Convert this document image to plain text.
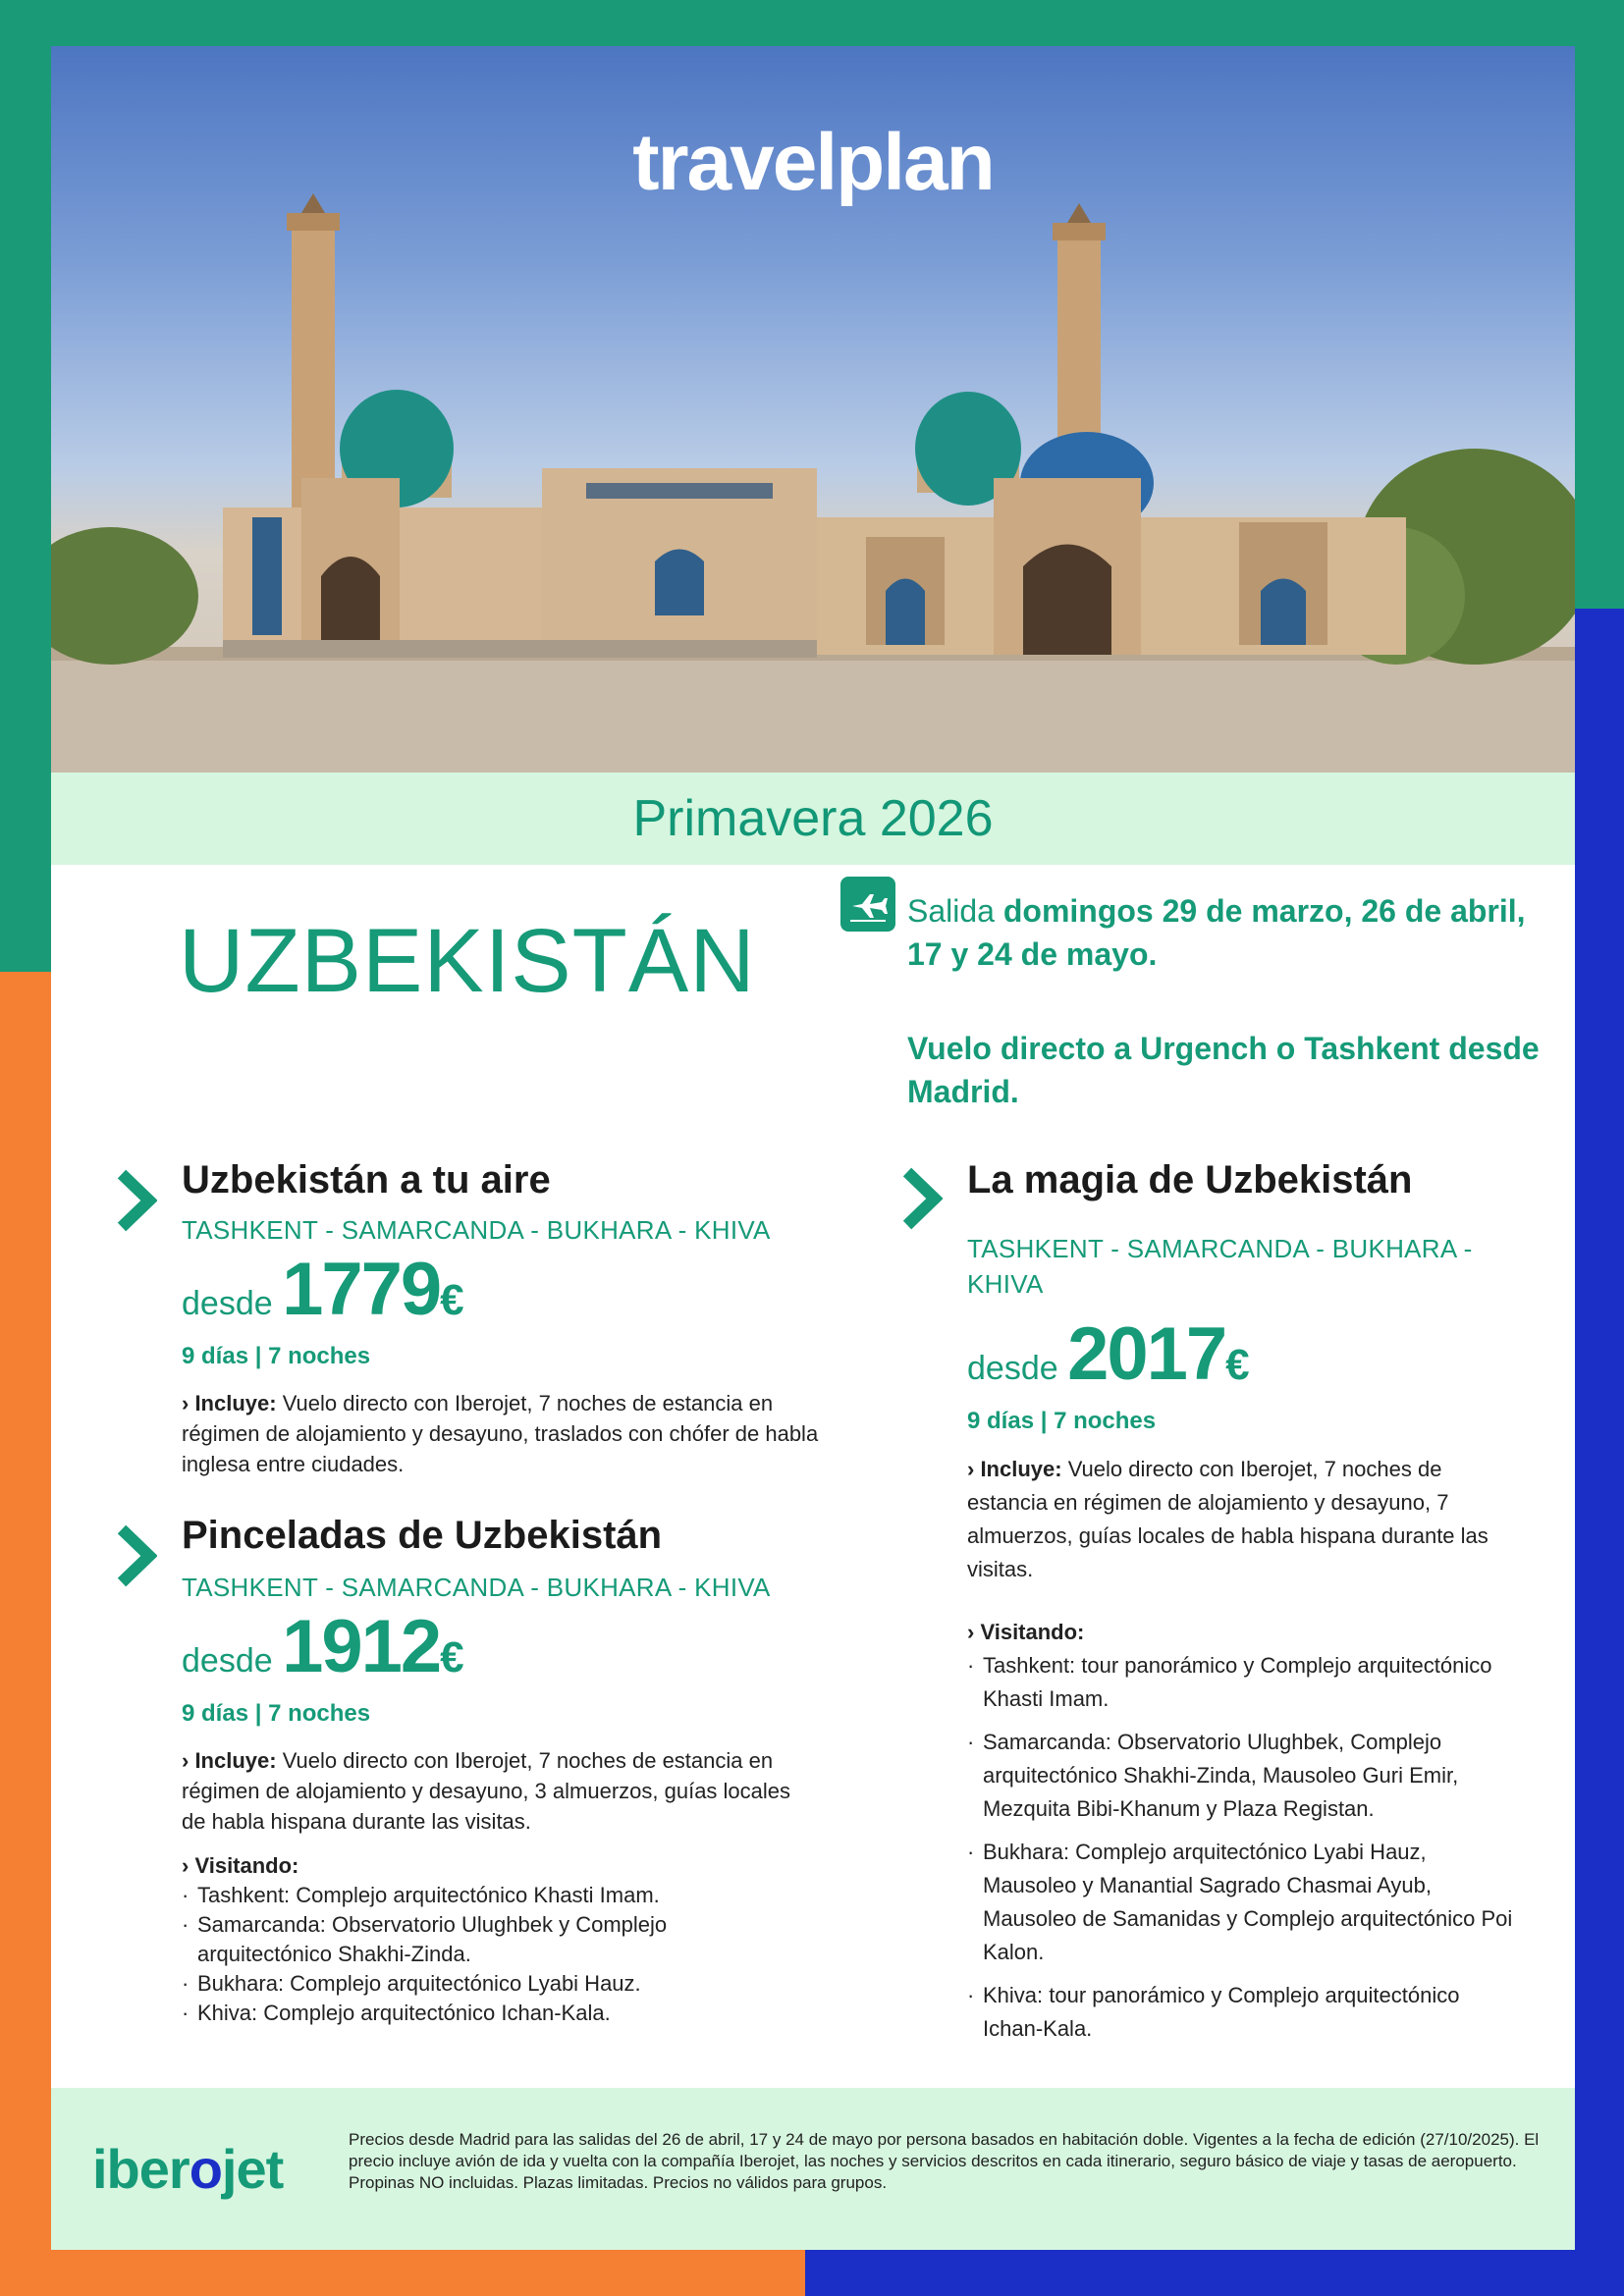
travelplan
Primavera 2026
UZBEKISTÁN	Salida domingos 29 de marzo, 26 de abril, 17 y 24 de mayo.
Vuelo directo a Urgench o Tashkent desde Madrid.
Uzbekistán a tu aire
TASHKENT - SAMARCANDA - BUKHARA - KHIVA
desde 1779€
9 días | 7 noches
› Incluye: Vuelo directo con Iberojet, 7 noches de estancia en régimen de alojamiento y desayuno, traslados con chófer de habla inglesa entre ciudades.
Pinceladas de Uzbekistán
TASHKENT - SAMARCANDA - BUKHARA - KHIVA
desde 1912€
9 días | 7 noches
› Incluye: Vuelo directo con Iberojet, 7 noches de estancia en régimen de alojamiento y desayuno, 3 almuerzos, guías locales de habla hispana durante las visitas.
› Visitando:
· Tashkent: Complejo arquitectónico Khasti Imam.
· Samarcanda: Observatorio Ulughbek y Complejo arquitectónico Shakhi-Zinda.
· Bukhara: Complejo arquitectónico Lyabi Hauz.
· Khiva: Complejo arquitectónico Ichan-Kala.
La magia de Uzbekistán
TASHKENT - SAMARCANDA - BUKHARA - KHIVA
desde 2017€
9 días | 7 noches
› Incluye: Vuelo directo con Iberojet, 7 noches de estancia en régimen de alojamiento y desayuno, 7 almuerzos, guías locales de habla hispana durante las visitas.
› Visitando:
· Tashkent: tour panorámico y Complejo arquitectónico Khasti Imam.
· Samarcanda: Observatorio Ulughbek, Complejo arquitectónico Shakhi-Zinda, Mausoleo Guri Emir, Mezquita Bibi-Khanum y Plaza Registan.
· Bukhara: Complejo arquitectónico Lyabi Hauz, Mausoleo y Manantial Sagrado Chasmai Ayub, Mausoleo de Samanidas y Complejo arquitectónico Poi Kalon.
· Khiva: tour panorámico y Complejo arquitectónico Ichan-Kala.
iberojet	Precios desde Madrid para las salidas del 26 de abril, 17 y 24 de mayo por persona basados en habitación doble. Vigentes a la fecha de edición (27/10/2025). El precio incluye avión de ida y vuelta con la compañía Iberojet, las noches y servicios descritos en cada itinerario, seguro básico de viaje y tasas de aeropuerto. Propinas NO incluidas. Plazas limitadas. Precios no válidos para grupos.
